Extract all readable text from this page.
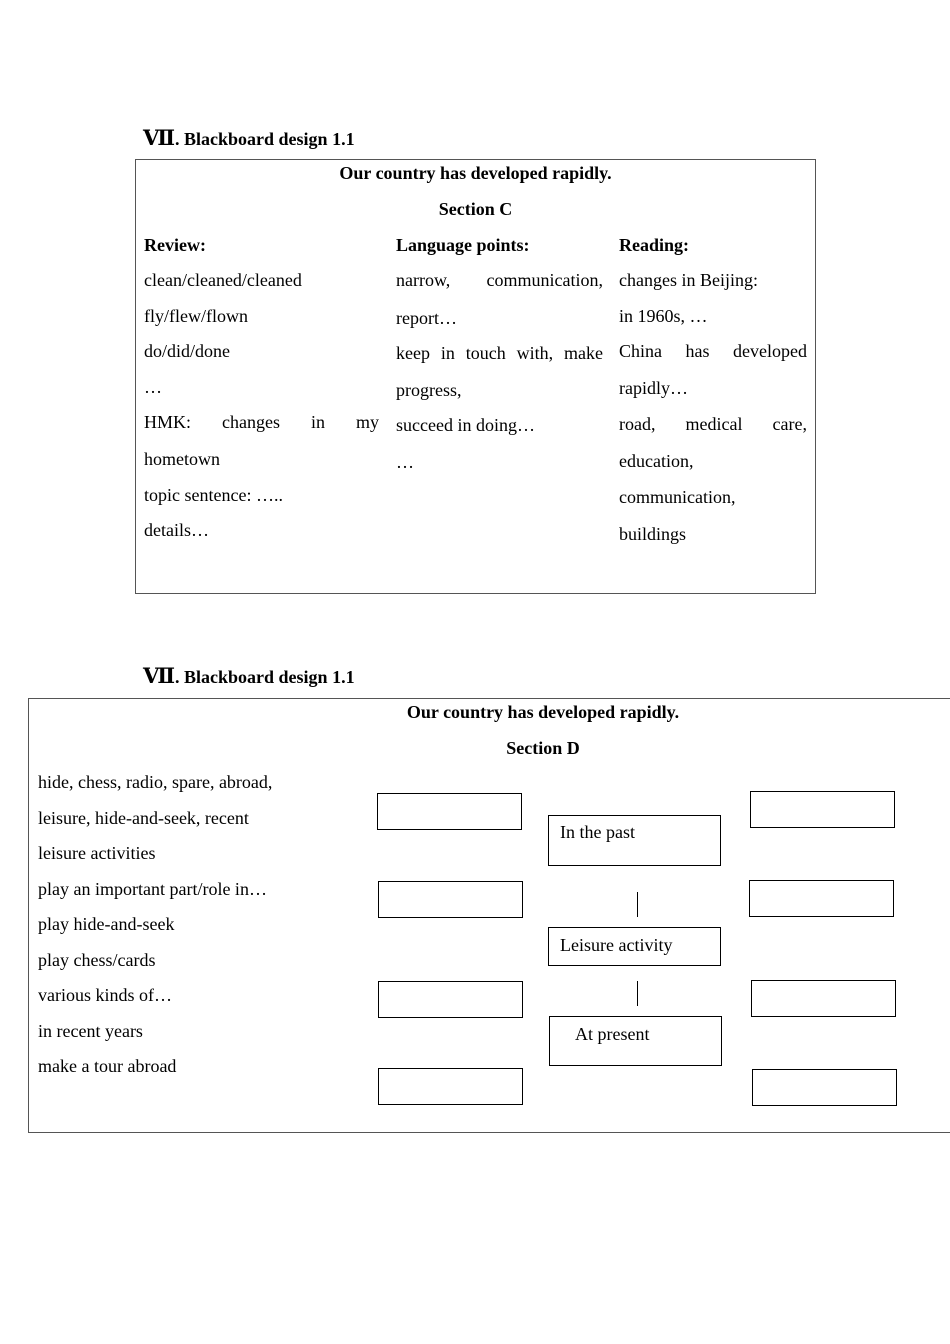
Ⅶ. Blackboard design 1.1
Our country has developed rapidly.
Section C
Review:
clean/cleaned/cleaned
fly/flew/flown
do/did/done
…
HMK: changes in my
hometown
topic sentence: …..
details…
Language points:
narrow, communication,
report…
keep in touch with, make
progress,
succeed in doing…
…
Reading:
changes in Beijing:
in 1960s, …
China has developed
rapidly…
road, medical care,
education,
communication,
buildings
Ⅶ. Blackboard design 1.1
Our country has developed rapidly.
Section D
hide, chess, radio, spare, abroad,
leisure, hide-and-seek, recent
leisure activities
play an important part/role in…
play hide-and-seek
play chess/cards
various kinds of…
in recent years
make a tour abroad
In the past
Leisure activity
At present
